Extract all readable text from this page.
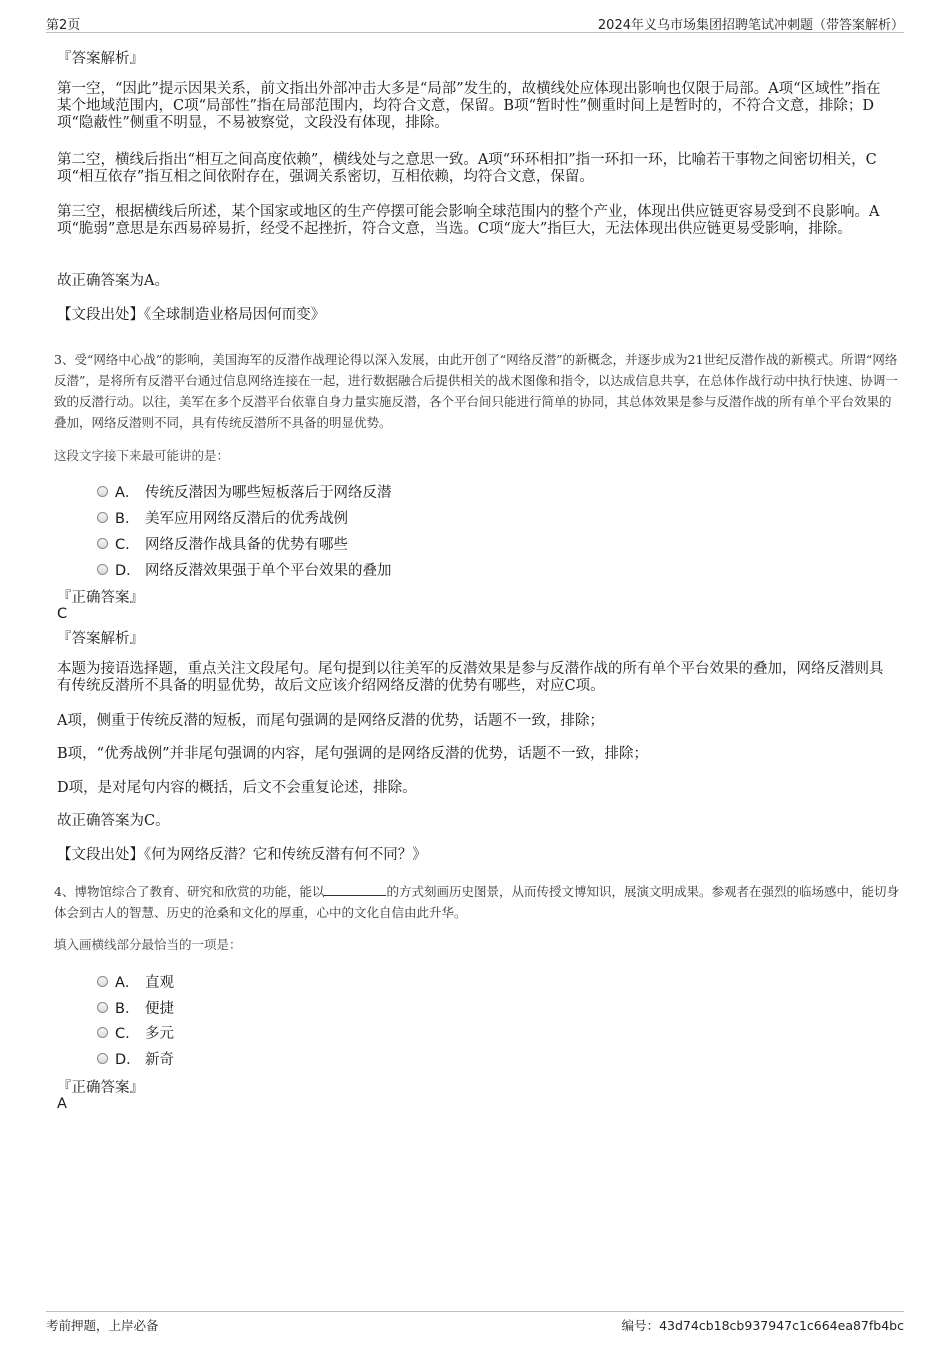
第2页	2024年义乌市场集团招聘笔试冲刺题（带答案解析）
『答案解析』
第一空，“因此”提示因果关系，前文指出外部冲击大多是“局部”发生的，故横线处应体现出影响也仅限于局部。A项“区域性”指在某个地域范围内，C项“局部性”指在局部范围内，均符合文意，保留。B项“暂时性”侧重时间上是暂时的，不符合文意，排除；D项“隐蔽性”侧重不明显，不易被察觉，文段没有体现，排除。
第二空，横线后指出“相互之间高度依赖”，横线处与之意思一致。A项“环环相扣”指一环扣一环，比喻若干事物之间密切相关，C项“相互依存”指互相之间依附存在，强调关系密切，互相依赖，均符合文意，保留。
第三空，根据横线后所述，某个国家或地区的生产停摆可能会影响全球范围内的整个产业，体现出供应链更容易受到不良影响。A项“脆弱”意思是东西易碎易折，经受不起挫折，符合文意，当选。C项“庞大”指巨大，无法体现出供应链更易受影响，排除。
故正确答案为A。
【文段出处】《全球制造业格局因何而变》
3、受“网络中心战”的影响，美国海军的反潜作战理论得以深入发展，由此开创了“网络反潜”的新概念，并逐步成为21世纪反潜作战的新模式。所谓“网络反潜”，是将所有反潜平台通过信息网络连接在一起，进行数据融合后提供相关的战术图像和指令，以达成信息共享，在总体作战行动中执行快速、协调一致的反潜行动。以往，美军在多个反潜平台依靠自身力量实施反潜，各个平台间只能进行简单的协同，其总体效果是参与反潜作战的所有单个平台效果的叠加，网络反潜则不同，具有传统反潜所不具备的明显优势。
这段文字接下来最可能讲的是：
A． 传统反潜因为哪些短板落后于网络反潜
B． 美军应用网络反潜后的优秀战例
C． 网络反潜作战具备的优势有哪些
D． 网络反潜效果强于单个平台效果的叠加
『正确答案』
C
『答案解析』
本题为接语选择题，重点关注文段尾句。尾句提到以往美军的反潜效果是参与反潜作战的所有单个平台效果的叠加，网络反潜则具有传统反潜所不具备的明显优势，故后文应该介绍网络反潜的优势有哪些，对应C项。
A项，侧重于传统反潜的短板，而尾句强调的是网络反潜的优势，话题不一致，排除；
B项，“优秀战例”并非尾句强调的内容，尾句强调的是网络反潜的优势，话题不一致，排除；
D项，是对尾句内容的概括，后文不会重复论述，排除。
故正确答案为C。
【文段出处】《何为网络反潜？它和传统反潜有何不同？》
4、博物馆综合了教育、研究和欣赏的功能，能以	的方式刻画历史图景，从而传授文博知识，展演文明成果。参观者在强烈的临场感中，能切身体会到古人的智慧、历史的沧桑和文化的厚重，心中的文化自信由此升华。
填入画横线部分最恰当的一项是：
A． 直观
B． 便捷
C． 多元
D． 新奇
『正确答案』
A
考前押题，上岸必备	编号：43d74cb18cb937947c1c664ea87fb4bc
